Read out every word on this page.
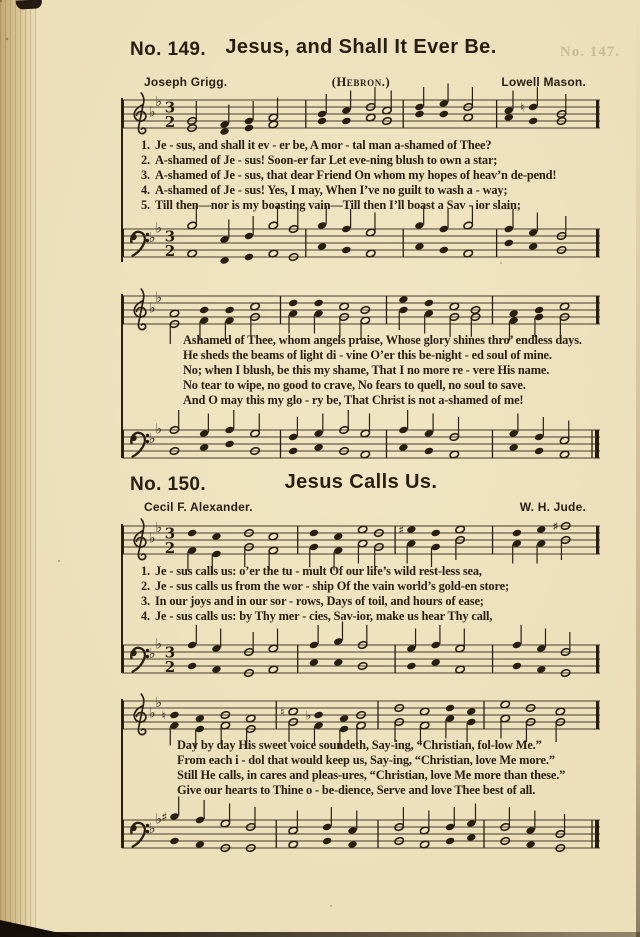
No. 147.
No. 149. Jesus, and Shall It Ever Be.
Joseph Grigg.	(Hebron.)	Lowell Mason.
♭
♭ 3
2
♮
1. Je - sus, and shall it ev - er be, A mor - tal man a-shamed of Thee?
2. A-shamed of Je - sus! Soon-er far Let eve-ning blush to own a star;
3. A-shamed of Je - sus, that dear Friend On whom my hopes of heav’n de-pend!
4. A-shamed of Je - sus! Yes, I may, When I’ve no guilt to wash a - way;
5. Till then—nor is my boasting vain—Till then I’ll boast a Sav - ior slain;
♭
♭ 3
2
♭
♭
Ashamed of Thee, whom angels praise, Whose glory shines thro’ endless days.
He sheds the beams of light di - vine O’er this be-night - ed soul of mine.
No; when I blush, be this my shame, That I no more re - vere His name.
No tear to wipe, no good to crave, No fears to quell, no soul to save.
And O may this my glo - ry be, That Christ is not a-shamed of me!
♭
♭
No. 150.	Jesus Calls Us.
Cecil F. Alexander.	W. H. Jude.
♭
♭ 3
2
♯	♯
1. Je - sus calls us: o’er the tu - mult Of our life’s wild rest-less sea,
2. Je - sus calls us from the wor - ship Of the vain world’s gold-en store;
3. In our joys and in our sor - rows, Days of toil, and hours of ease;
4. Je - sus calls us: by Thy mer - cies, Sav-ior, make us hear Thy call,
♭
♭ 3
2
♭
♭
♮	♮ ♭
Day by day His sweet voice soundeth, Say-ing, “Christian, fol-low Me.”
From each i - dol that would keep us, Say-ing, “Christian, love Me more.”
Still He calls, in cares and pleas-ures, “Christian, love Me more than these.”
Give our hearts to Thine o - be-dience, Serve and love Thee best of all.
♭
♭ ♯
